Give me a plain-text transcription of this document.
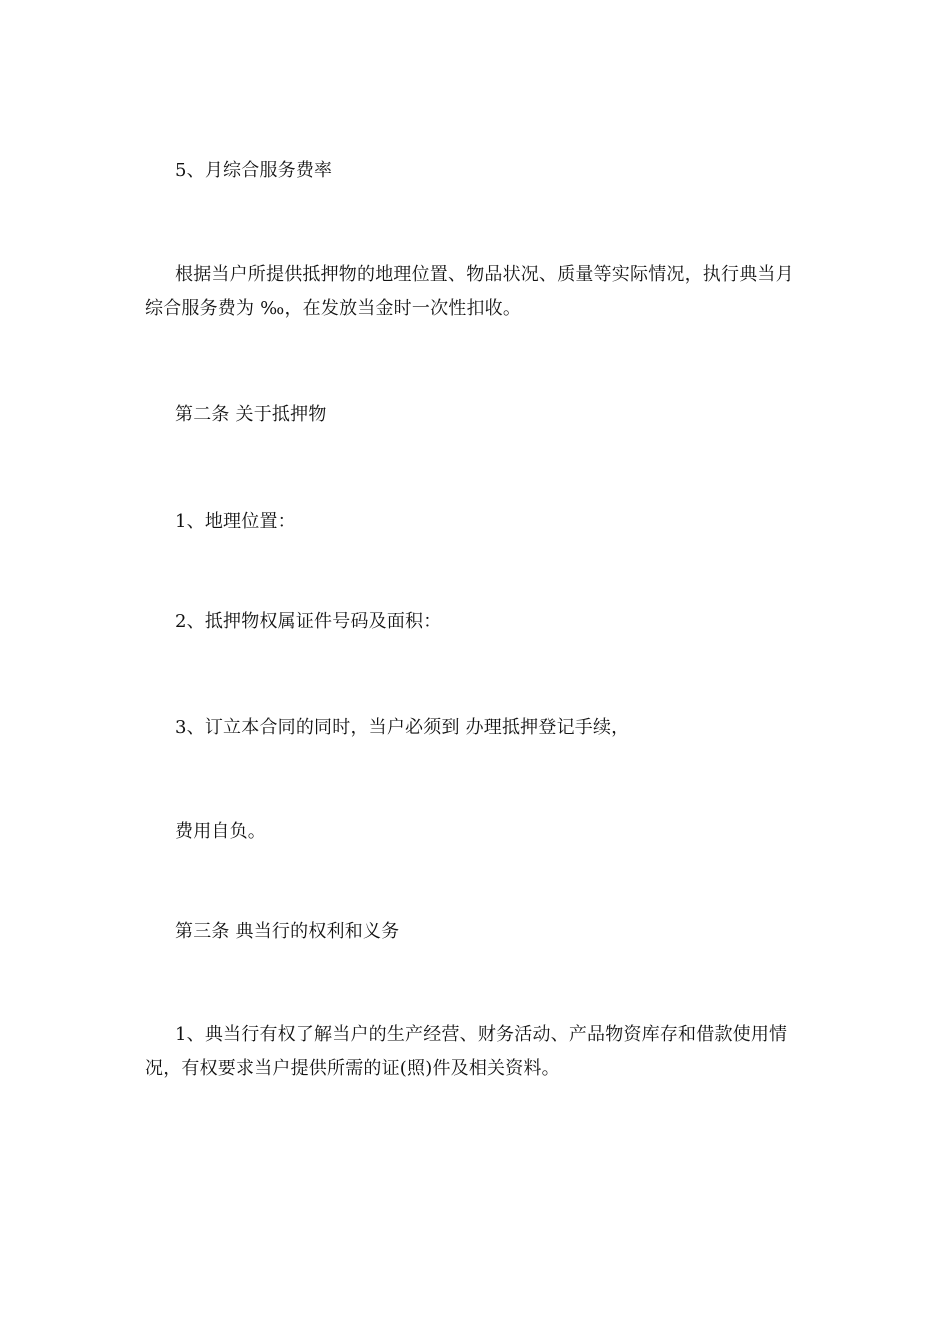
5、月综合服务费率

根据当户所提供抵押物的地理位置、物品状况、质量等实际情况，执行典当月综合服务费为 ‰，在发放当金时一次性扣收。

第二条 关于抵押物

1、地理位置：

2、抵押物权属证件号码及面积：

3、订立本合同的同时，当户必须到 办理抵押登记手续，

费用自负。

第三条 典当行的权利和义务

1、典当行有权了解当户的生产经营、财务活动、产品物资库存和借款使用情况，有权要求当户提供所需的证(照)件及相关资料。
